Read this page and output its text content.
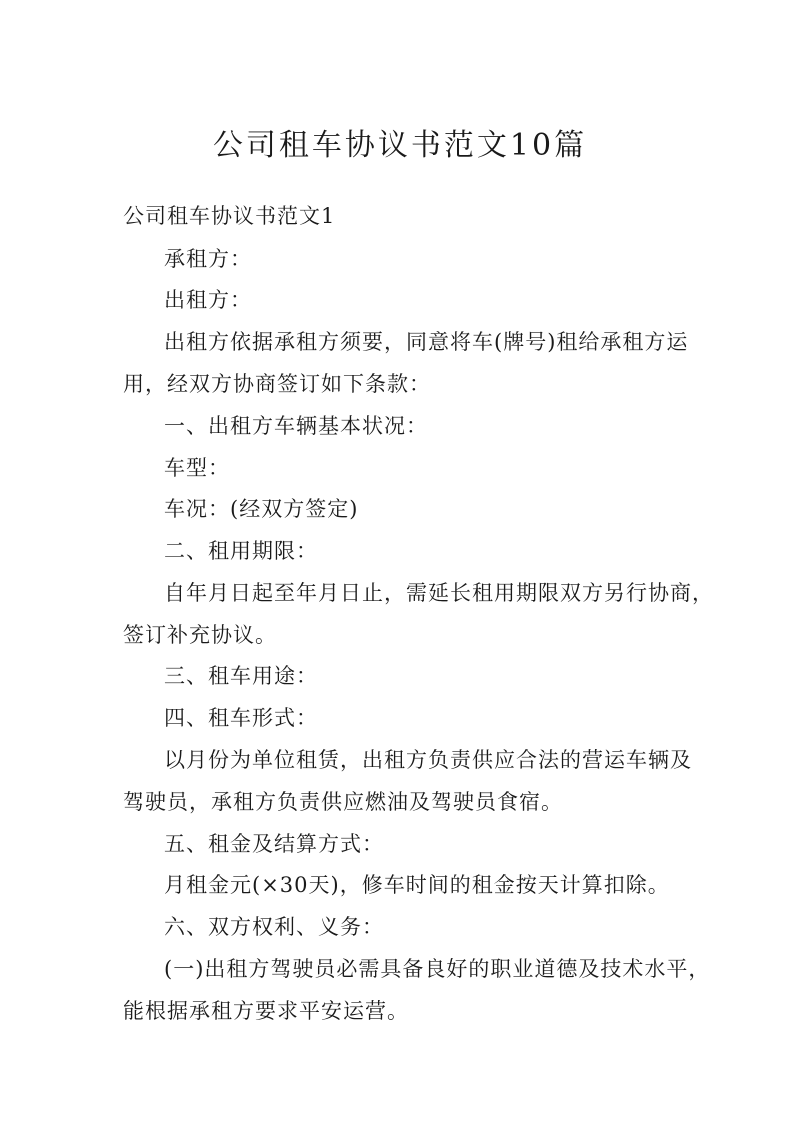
公司租车协议书范文10篇
公司租车协议书范文1
承租方：
出租方：
出租方依据承租方须要，同意将车(牌号)租给承租方运
用，经双方协商签订如下条款：
一、出租方车辆基本状况：
车型：
车况：(经双方签定)
二、租用期限：
自年月日起至年月日止，需延长租用期限双方另行协商，
签订补充协议。
三、租车用途：
四、租车形式：
以月份为单位租赁，出租方负责供应合法的营运车辆及
驾驶员，承租方负责供应燃油及驾驶员食宿。
五、租金及结算方式：
月租金元(×30天)，修车时间的租金按天计算扣除。
六、双方权利、义务：
(一)出租方驾驶员必需具备良好的职业道德及技术水平，
能根据承租方要求平安运营。
